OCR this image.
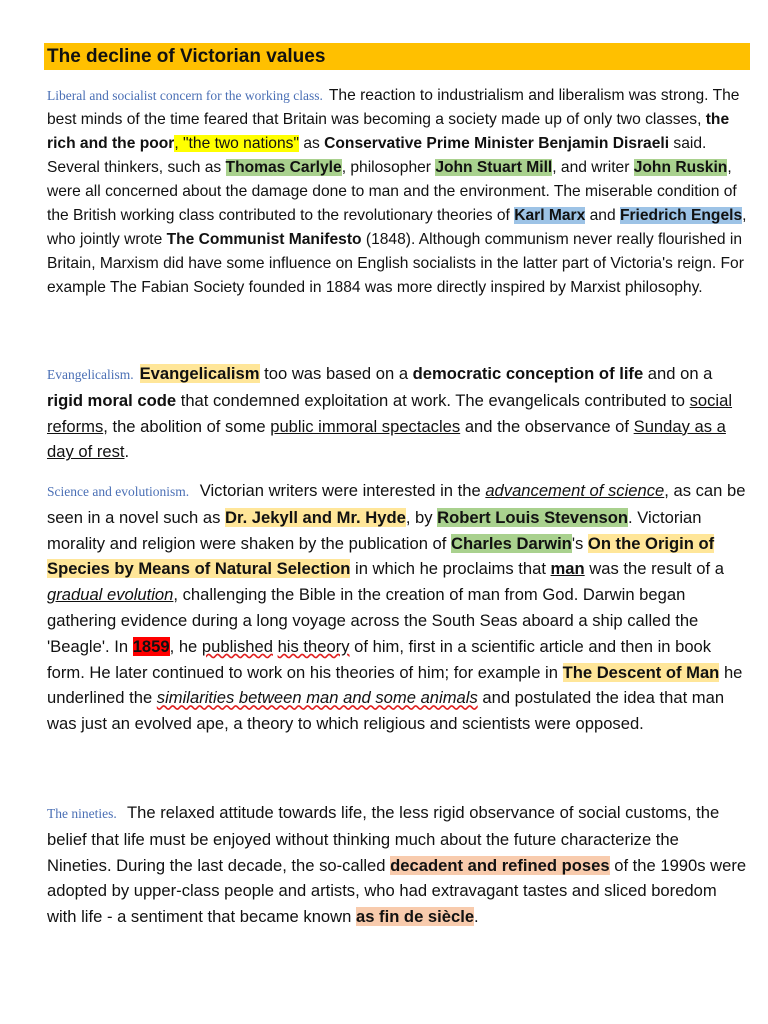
The decline of Victorian values

Liberal and socialist concern for the working class. The reaction to industrialism and liberalism was strong. The best minds of the time feared that Britain was becoming a society made up of only two classes, the rich and the poor, "the two nations" as Conservative Prime Minister Benjamin Disraeli said. Several thinkers, such as Thomas Carlyle, philosopher John Stuart Mill, and writer John Ruskin, were all concerned about the damage done to man and the environment. The miserable condition of the British working class contributed to the revolutionary theories of Karl Marx and Friedrich Engels, who jointly wrote The Communist Manifesto (1848). Although communism never really flourished in Britain, Marxism did have some influence on English socialists in the latter part of Victoria's reign. For example The Fabian Society founded in 1884 was more directly inspired by Marxist philosophy.

Evangelicalism. Evangelicalism too was based on a democratic conception of life and on a rigid moral code that condemned exploitation at work. The evangelicals contributed to social reforms, the abolition of some public immoral spectacles and the observance of Sunday as a day of rest.

Science and evolutionism. Victorian writers were interested in the advancement of science, as can be seen in a novel such as Dr. Jekyll and Mr. Hyde, by Robert Louis Stevenson. Victorian morality and religion were shaken by the publication of Charles Darwin's On the Origin of Species by Means of Natural Selection in which he proclaims that man was the result of a gradual evolution, challenging the Bible in the creation of man from God. Darwin began gathering evidence during a long voyage across the South Seas aboard a ship called the 'Beagle'. In 1859, he published his theory of him, first in a scientific article and then in book form. He later continued to work on his theories of him; for example in The Descent of Man he underlined the similarities between man and some animals and postulated the idea that man was just an evolved ape, a theory to which religious and scientists were opposed.

The nineties. The relaxed attitude towards life, the less rigid observance of social customs, the belief that life must be enjoyed without thinking much about the future characterize the Nineties. During the last decade, the so-called decadent and refined poses of the 1990s were adopted by upper-class people and artists, who had extravagant tastes and sliced boredom with life - a sentiment that became known as fin de siècle.
